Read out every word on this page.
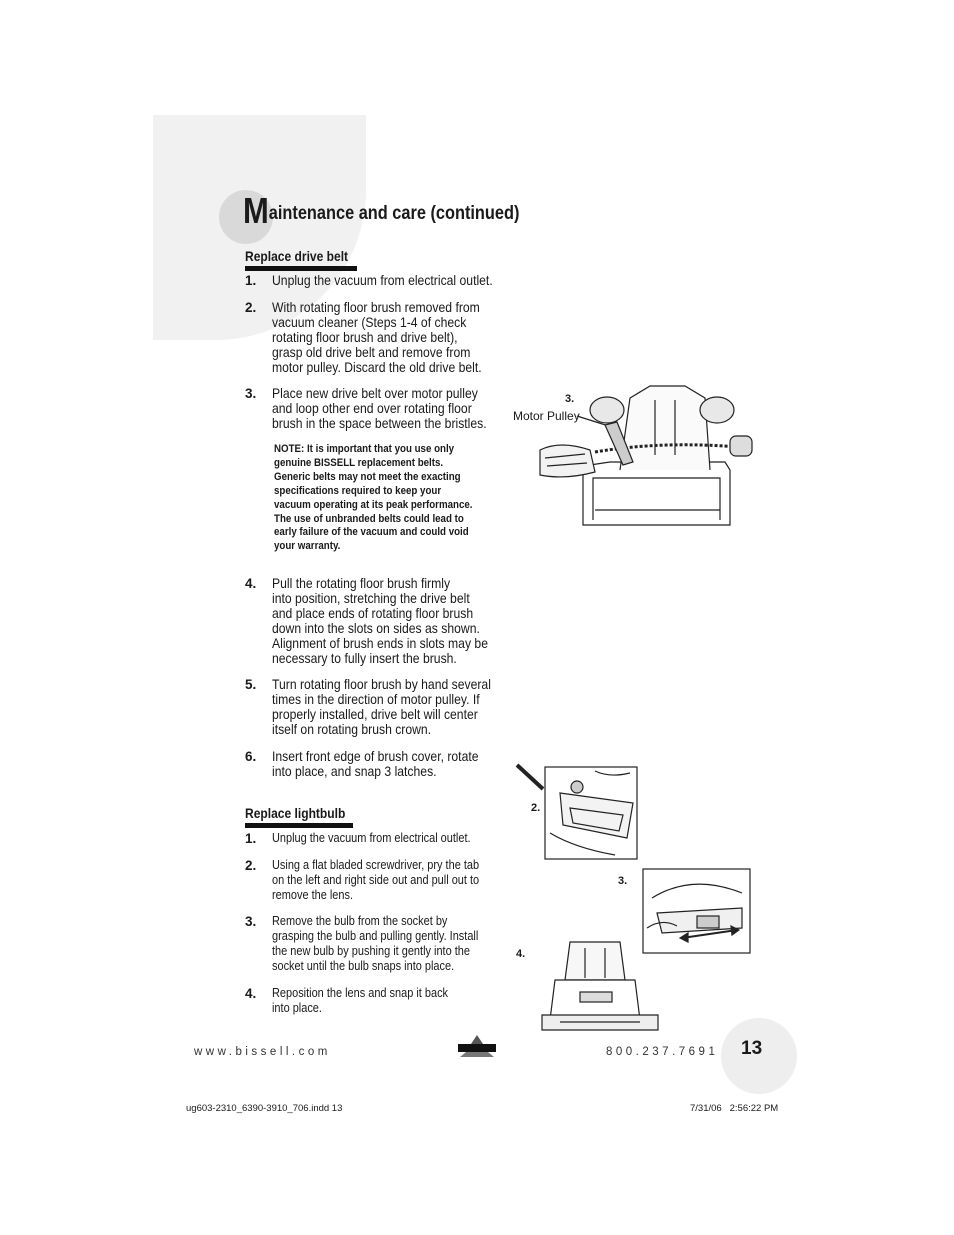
Maintenance and care (continued)
Replace drive belt
1. Unplug the vacuum from electrical outlet.
2. With rotating floor brush removed from
vacuum cleaner (Steps 1-4 of check
rotating floor brush and drive belt),
grasp old drive belt and remove from
motor pulley. Discard the old drive belt.
3. Place new drive belt over motor pulley
and loop other end over rotating floor
brush in the space between the bristles.
NOTE: It is important that you use only
genuine BISSELL replacement belts.
Generic belts may not meet the exacting
specifications required to keep your
vacuum operating at its peak performance.
The use of unbranded belts could lead to
early failure of the vacuum and could void
your warranty.
4. Pull the rotating floor brush firmly
into position, stretching the drive belt
and place ends of rotating floor brush
down into the slots on sides as shown.
Alignment of brush ends in slots may be
necessary to fully insert the brush.
5. Turn rotating floor brush by hand several
times in the direction of motor pulley. If
properly installed, drive belt will center
itself on rotating brush crown.
6. Insert front edge of brush cover, rotate
into place, and snap 3 latches.
Replace lightbulb
1. Unplug the vacuum from electrical outlet.
2. Using a flat bladed screwdriver, pry the tab
on the left and right side out and pull out to
remove the lens.
3. Remove the bulb from the socket by
grasping the bulb and pulling gently. Install
the new bulb by pushing it gently into the
socket until the bulb snaps into place.
4. Reposition the lens and snap it back
into place.
3.
Motor Pulley
2.
3.
4.
www.bissell.com	800.237.7691 13
ug603-2310_6390-3910_706.indd 13	7/31/06   2:56:22 PM
